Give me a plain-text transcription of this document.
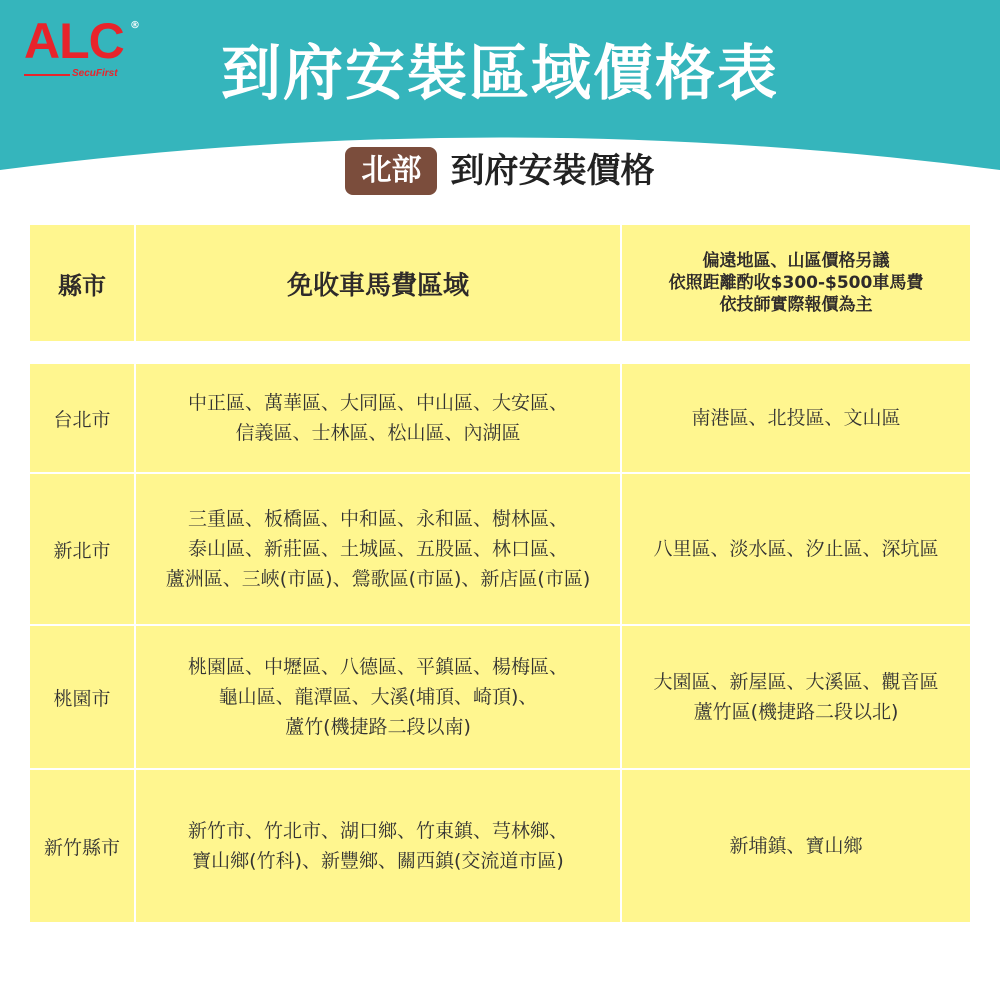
ALC ®
SecuFirst	到府安裝區域價格表
北部 到府安裝價格
縣市	免收車馬費區域
偏遠地區、山區價格另議
依照距離酌收$300-$500車馬費
依技師實際報價為主
台北市
中正區、萬華區、大同區、中山區、大安區、
信義區、士林區、松山區、內湖區
南港區、北投區、文山區
新北市
三重區、板橋區、中和區、永和區、樹林區、
泰山區、新莊區、土城區、五股區、林口區、
蘆洲區、三峽(市區)、鶯歌區(市區)、新店區(市區)
八里區、淡水區、汐止區、深坑區
桃園市
桃園區、中壢區、八德區、平鎮區、楊梅區、
龜山區、龍潭區、大溪(埔頂、崎頂)、
蘆竹(機捷路二段以南)
大園區、新屋區、大溪區、觀音區
蘆竹區(機捷路二段以北)
新竹縣市
新竹市、竹北市、湖口鄉、竹東鎮、芎林鄉、
寶山鄉(竹科)、新豐鄉、關西鎮(交流道市區)
新埔鎮、寶山鄉
